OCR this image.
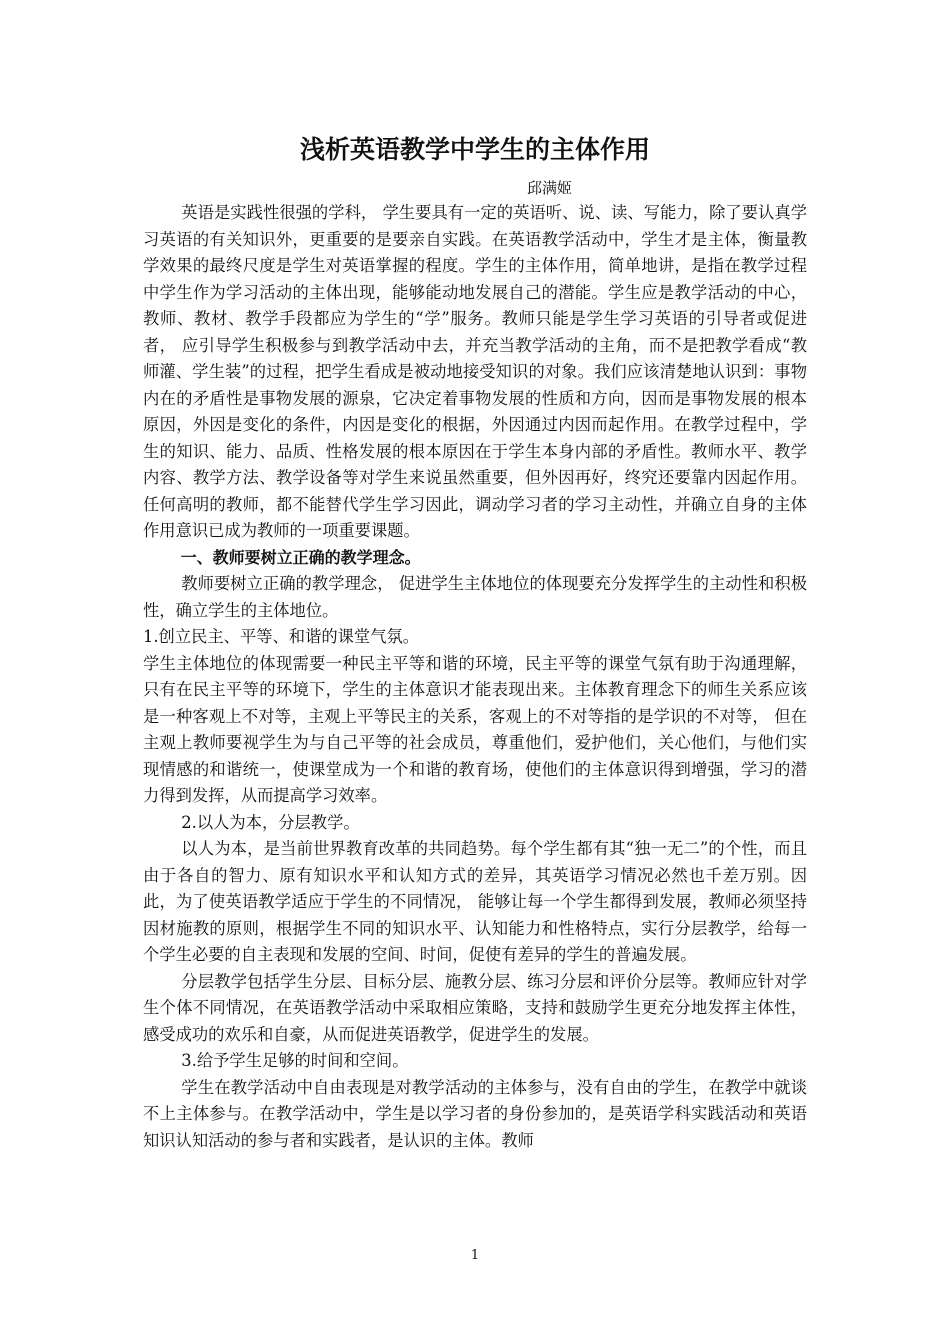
浅析英语教学中学生的主体作用
邱满姬

英语是实践性很强的学科， 学生要具有一定的英语听、说、读、写能力，除了要认真学习英语的有关知识外，更重要的是要亲自实践。在英语教学活动中，学生才是主体，衡量教学效果的最终尺度是学生对英语掌握的程度。学生的主体作用，简单地讲，是指在教学过程中学生作为学习活动的主体出现，能够能动地发展自己的潜能。学生应是教学活动的中心，教师、教材、教学手段都应为学生的“学”服务。教师只能是学生学习英语的引导者或促进者， 应引导学生积极参与到教学活动中去，并充当教学活动的主角，而不是把教学看成“教师灌、学生装”的过程，把学生看成是被动地接受知识的对象。我们应该清楚地认识到：事物内在的矛盾性是事物发展的源泉，它决定着事物发展的性质和方向，因而是事物发展的根本原因，外因是变化的条件，内因是变化的根据，外因通过内因而起作用。在教学过程中，学生的知识、能力、品质、性格发展的根本原因在于学生本身内部的矛盾性。教师水平、教学内容、教学方法、教学设备等对学生来说虽然重要，但外因再好，终究还要靠内因起作用。任何高明的教师，都不能替代学生学习因此，调动学习者的学习主动性，并确立自身的主体作用意识已成为教师的一项重要课题。

一、教师要树立正确的教学理念。

教师要树立正确的教学理念， 促进学生主体地位的体现要充分发挥学生的主动性和积极性，确立学生的主体地位。

1.创立民主、平等、和谐的课堂气氛。

学生主体地位的体现需要一种民主平等和谐的环境，民主平等的课堂气氛有助于沟通理解， 只有在民主平等的环境下，学生的主体意识才能表现出来。主体教育理念下的师生关系应该是一种客观上不对等，主观上平等民主的关系，客观上的不对等指的是学识的不对等， 但在主观上教师要视学生为与自己平等的社会成员，尊重他们，爱护他们，关心他们，与他们实现情感的和谐统一，使课堂成为一个和谐的教育场，使他们的主体意识得到增强，学习的潜力得到发挥，从而提高学习效率。

2.以人为本，分层教学。

以人为本，是当前世界教育改革的共同趋势。每个学生都有其“独一无二”的个性，而且由于各自的智力、原有知识水平和认知方式的差异，其英语学习情况必然也千差万别。因此，为了使英语教学适应于学生的不同情况， 能够让每一个学生都得到发展，教师必须坚持因材施教的原则，根据学生不同的知识水平、认知能力和性格特点，实行分层教学，给每一个学生必要的自主表现和发展的空间、时间，促使有差异的学生的普遍发展。

分层教学包括学生分层、目标分层、施教分层、练习分层和评价分层等。教师应针对学生个体不同情况，在英语教学活动中采取相应策略，支持和鼓励学生更充分地发挥主体性，感受成功的欢乐和自豪，从而促进英语教学，促进学生的发展。

3.给予学生足够的时间和空间。

学生在教学活动中自由表现是对教学活动的主体参与，没有自由的学生，在教学中就谈不上主体参与。在教学活动中，学生是以学习者的身份参加的，是英语学科实践活动和英语知识认知活动的参与者和实践者，是认识的主体。教师

1
